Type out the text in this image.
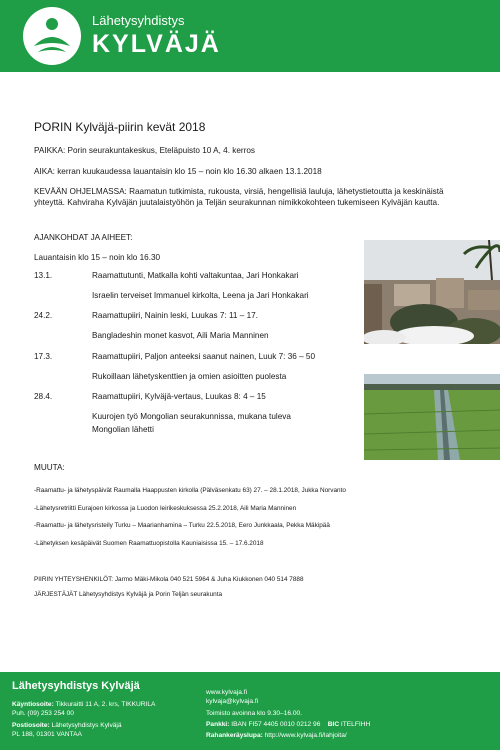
Lähetysyhdistys
KYLVÄJÄ
PORIN Kylväjä-piirin kevät 2018
PAIKKA: Porin seurakuntakeskus, Eteläpuisto 10 A, 4. kerros
AIKA: kerran kuukaudessa lauantaisin klo 15 – noin klo 16.30 alkaen 13.1.2018
KEVÄÄN OHJELMASSA: Raamatun tutkimista, rukousta, virsiä, hengellisiä lauluja, lähetystietoutta ja keskinäistä yhteyttä. Kahviraha Kylväjän juutalaistyöhön ja Teljän seurakunnan nimikkokohteen tukemiseen Kylväjän kautta.
AJANKOHDAT JA AIHEET:
Lauantaisin klo 15 – noin klo 16.30
13.1.	Raamattutunti, Matkalla kohti valtakuntaa, Jari Honkakari
Israelin terveiset Immanuel kirkolta, Leena ja Jari Honkakari
24.2.	Raamattupiiri, Nainin leski, Luukas 7: 11 – 17.
Bangladeshin monet kasvot, Aili Maria Manninen
17.3.	Raamattupiiri, Paljon anteeksi saanut nainen, Luuk 7: 36 – 50
Rukoillaan lähetyskenttien ja omien asioitten puolesta
28.4.	Raamattupiiri, Kylväjä-vertaus, Luukas 8: 4 – 15
Kuurojen työ Mongolian seurakunnissa, mukana tuleva
Mongolian lähetti
MUUTA:
-Raamattu- ja lähetyspäivät Raumalla Haappusten kirkolla (Pälväsenkatu 63) 27. – 28.1.2018, Jukka Norvanto
-Lähetysretriitti Eurajoen kirkossa ja Luodon leirikeskuksessa 25.2.2018, Aili Maria Manninen
-Raamattu- ja lähetysristeily Turku – Maarianhamina – Turku 22.5.2018, Eero Junkkaala, Pekka Mäkipää
-Lähetyksen kesäpäivät Suomen Raamattuopistolla Kauniaisissa 15. – 17.6.2018
PIIRIN YHTEYSHENKILÖT: Jarmo Mäki-Mikola 040 521 5964 & Juha Kiukkonen 040 514 7888
JÄRJESTÄJÄT Lähetysyhdistys Kylväjä ja Porin Teljän seurakunta
Lähetysyhdistys Kylväjä
Käyntiosoite: Tikkuraitti 11 A, 2. krs, TIKKURILA
Puh. (09) 253 254 00
Postiosoite: Lähetysyhdistys Kylväjä
PL 188, 01301 VANTAA
www.kylvaja.fi
kylvaja@kylvaja.fi
Toimisto avoinna klo 9.30–16.00.
Pankki: IBAN FI57 4405 0010 0212 96 BIC ITELFIHH
Rahankeräyslupa: http://www.kylvaja.fi/lahjoita/
